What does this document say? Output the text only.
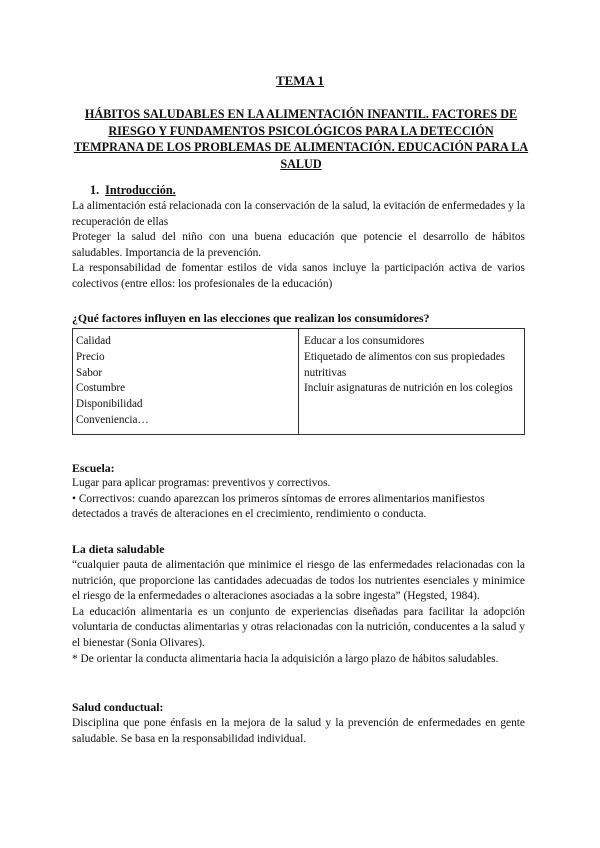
TEMA 1
HÁBITOS SALUDABLES EN LA ALIMENTACIÓN INFANTIL. FACTORES DE
RIESGO Y FUNDAMENTOS PSICOLÓGICOS PARA LA DETECCIÓN
TEMPRANA DE LOS PROBLEMAS DE ALIMENTACIÓN. EDUCACIÓN PARA LA
SALUD
1. Introducción.

La alimentación está relacionada con la conservación de la salud, la evitación de enfermedades y la recuperación de ellas

Proteger la salud del niño con una buena educación que potencie el desarrollo de hábitos saludables. Importancia de la prevención.

La responsabilidad de fomentar estilos de vida sanos incluye la participación activa de varios colectivos (entre ellos: los profesionales de la educación)

¿Qué factores influyen en las elecciones que realizan los consumidores?
Calidad
Precio
Sabor
Costumbre
Disponibilidad
Conveniencia…
Educar a los consumidores
Etiquetado de alimentos con sus propiedades nutritivas
Incluir asignaturas de nutrición en los colegios
Escuela:

Lugar para aplicar programas: preventivos y correctivos.

• Correctivos: cuando aparezcan los primeros síntomas de errores alimentarios manifiestos detectados a través de alteraciones en el crecimiento, rendimiento o conducta.

La dieta saludable

“cualquier pauta de alimentación que minimice el riesgo de las enfermedades relacionadas con la nutrición, que proporcione las cantidades adecuadas de todos los nutrientes esenciales y minimice el riesgo de la enfermedades o alteraciones asociadas a la sobre ingesta” (Hegsted, 1984).

La educación alimentaria es un conjunto de experiencias diseñadas para facilitar la adopción voluntaria de conductas alimentarias y otras relacionadas con la nutrición, conducentes a la salud y el bienestar (Sonia Olivares).

* De orientar la conducta alimentaria hacia la adquisición a largo plazo de hábitos saludables.

Salud conductual:

Disciplina que pone énfasis en la mejora de la salud y la prevención de enfermedades en gente saludable. Se basa en la responsabilidad individual.
